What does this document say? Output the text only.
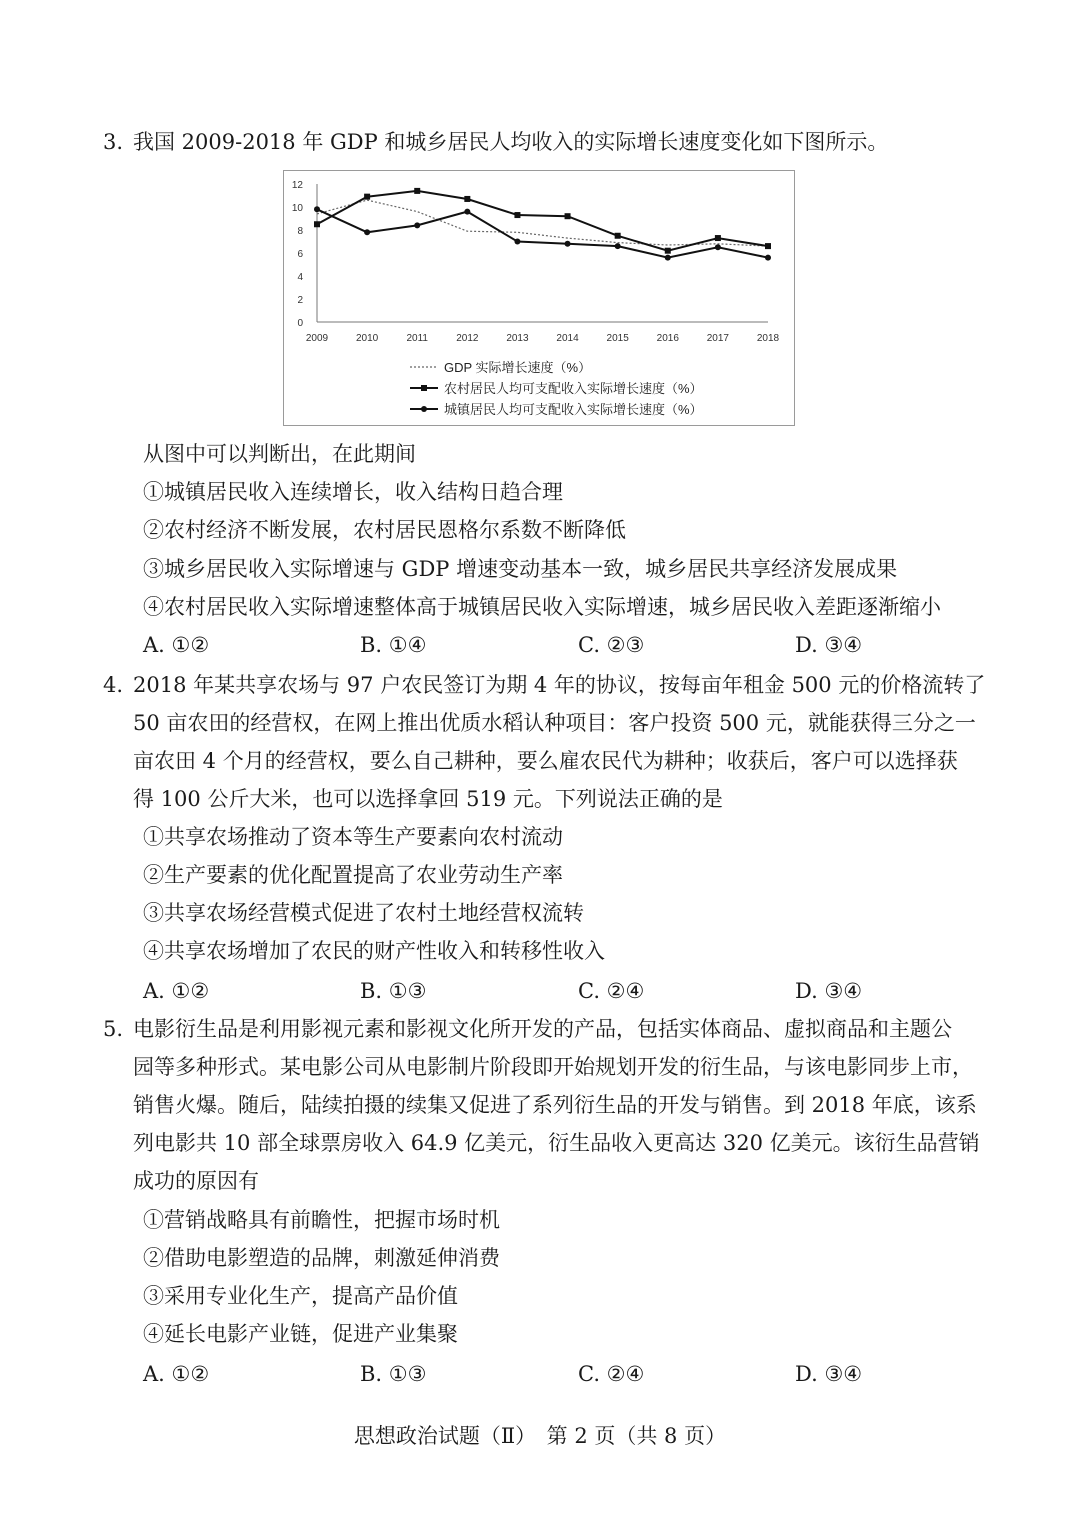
3. 我国 2009-2018 年 GDP 和城乡居民人均收入的实际增长速度变化如下图所示。
0
2
4
6
8
10
12
2009	2010	2011	2012	2013	2014	2015	2016	2017	2018
GDP 实际增长速度（%）
农村居民人均可支配收入实际增长速度（%）
城镇居民人均可支配收入实际增长速度（%）
从图中可以判断出，在此期间
①城镇居民收入连续增长，收入结构日趋合理
②农村经济不断发展，农村居民恩格尔系数不断降低
③城乡居民收入实际增速与 GDP 增速变动基本一致，城乡居民共享经济发展成果
④农村居民收入实际增速整体高于城镇居民收入实际增速，城乡居民收入差距逐渐缩小
A. ①②	B. ①④	C. ②③	D. ③④
4. 2018 年某共享农场与 97 户农民签订为期 4 年的协议，按每亩年租金 500 元的价格流转了
50 亩农田的经营权，在网上推出优质水稻认种项目：客户投资 500 元，就能获得三分之一
亩农田 4 个月的经营权，要么自己耕种，要么雇农民代为耕种；收获后，客户可以选择获
得 100 公斤大米，也可以选择拿回 519 元。下列说法正确的是
①共享农场推动了资本等生产要素向农村流动
②生产要素的优化配置提高了农业劳动生产率
③共享农场经营模式促进了农村土地经营权流转
④共享农场增加了农民的财产性收入和转移性收入
A. ①②	B. ①③	C. ②④	D. ③④
5. 电影衍生品是利用影视元素和影视文化所开发的产品，包括实体商品、虚拟商品和主题公
园等多种形式。某电影公司从电影制片阶段即开始规划开发的衍生品，与该电影同步上市，
销售火爆。随后，陆续拍摄的续集又促进了系列衍生品的开发与销售。到 2018 年底，该系
列电影共 10 部全球票房收入 64.9 亿美元，衍生品收入更高达 320 亿美元。该衍生品营销
成功的原因有
①营销战略具有前瞻性，把握市场时机
②借助电影塑造的品牌，刺激延伸消费
③采用专业化生产，提高产品价值
④延长电影产业链，促进产业集聚
A. ①②	B. ①③	C. ②④	D. ③④
思想政治试题（Ⅱ）　第 2 页（共 8 页）
